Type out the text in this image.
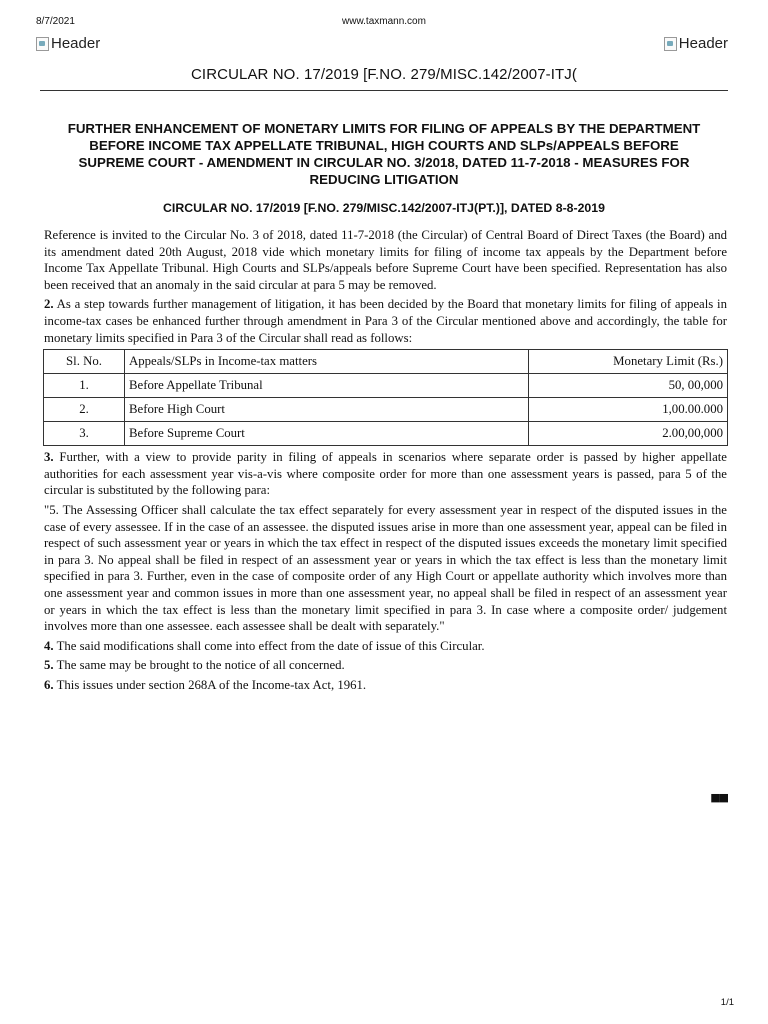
8/7/2021	www.taxmann.com
Header	Header
CIRCULAR NO. 17/2019 [F.NO. 279/MISC.142/2007-ITJ(
FURTHER ENHANCEMENT OF MONETARY LIMITS FOR FILING OF APPEALS BY THE DEPARTMENT BEFORE INCOME TAX APPELLATE TRIBUNAL, HIGH COURTS AND SLPs/APPEALS BEFORE SUPREME COURT - AMENDMENT IN CIRCULAR NO. 3/2018, DATED 11-7-2018 - MEASURES FOR REDUCING LITIGATION
CIRCULAR NO. 17/2019 [F.NO. 279/MISC.142/2007-ITJ(PT.)], DATED 8-8-2019

Reference is invited to the Circular No. 3 of 2018, dated 11-7-2018 (the Circular) of Central Board of Direct Taxes (the Board) and its amendment dated 20th August, 2018 vide which monetary limits for filing of income tax appeals by the Department before Income Tax Appellate Tribunal. High Courts and SLPs/appeals before Supreme Court have been specified. Representation has also been received that an anomaly in the said circular at para 5 may be removed.

2. As a step towards further management of litigation, it has been decided by the Board that monetary limits for filing of appeals in income-tax cases be enhanced further through amendment in Para 3 of the Circular mentioned above and accordingly, the table for monetary limits specified in Para 3 of the Circular shall read as follows:

Sl. No.	Appeals/SLPs in Income-tax matters	Monetary Limit (Rs.)
1.	Before Appellate Tribunal	50, 00,000
2.	Before High Court	1,00.00.000
3.	Before Supreme Court	2.00,00,000

3. Further, with a view to provide parity in filing of appeals in scenarios where separate order is passed by higher appellate authorities for each assessment year vis-a-vis where composite order for more than one assessment years is passed, para 5 of the circular is substituted by the following para:

"5. The Assessing Officer shall calculate the tax effect separately for every assessment year in respect of the disputed issues in the case of every assessee. If in the case of an assessee. the disputed issues arise in more than one assessment year, appeal can be filed in respect of such assessment year or years in which the tax effect in respect of the disputed issues exceeds the monetary limit specified in para 3. No appeal shall be filed in respect of an assessment year or years in which the tax effect is less than the monetary limit specified in para 3. Further, even in the case of composite order of any High Court or appellate authority which involves more than one assessment year and common issues in more than one assessment year, no appeal shall be filed in respect of an assessment year or years in which the tax effect is less than the monetary limit specified in para 3. In case where a composite order/ judgement involves more than one assessee. each assessee shall be dealt with separately."

4. The said modifications shall come into effect from the date of issue of this Circular.

5. The same may be brought to the notice of all concerned.

6. This issues under section 268A of the Income-tax Act, 1961.

■■
1/1
